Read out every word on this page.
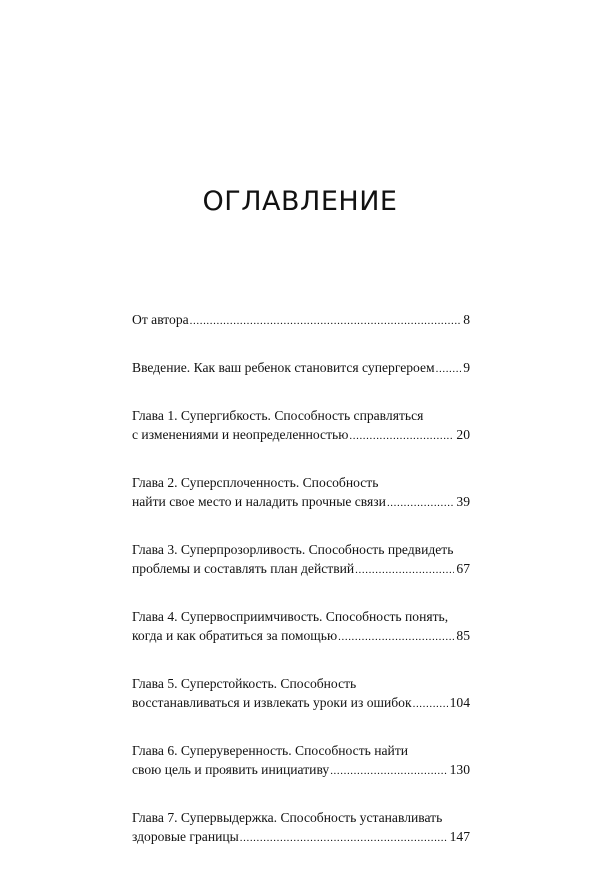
ОГЛАВЛЕНИЕ
От автора .....	8
Введение. Как ваш ребенок становится супергероем ..... 9
Глава 1. Супергибкость. Способность справляться
с изменениями и неопределенностью .....	20
Глава 2. Суперсплоченность. Способность
найти свое место и наладить прочные связи .....	39
Глава 3. Суперпрозорливость. Способность предвидеть
проблемы и составлять план действий .....	67
Глава 4. Супервосприимчивость. Способность понять,
когда и как обратиться за помощью .....	85
Глава 5. Суперстойкость. Способность
восстанавливаться и извлекать уроки из ошибок .....	104
Глава 6. Суперуверенность. Способность найти
свою цель и проявить инициативу .....	130
Глава 7. Супервыдержка. Способность устанавливать
здоровые границы .....	147
